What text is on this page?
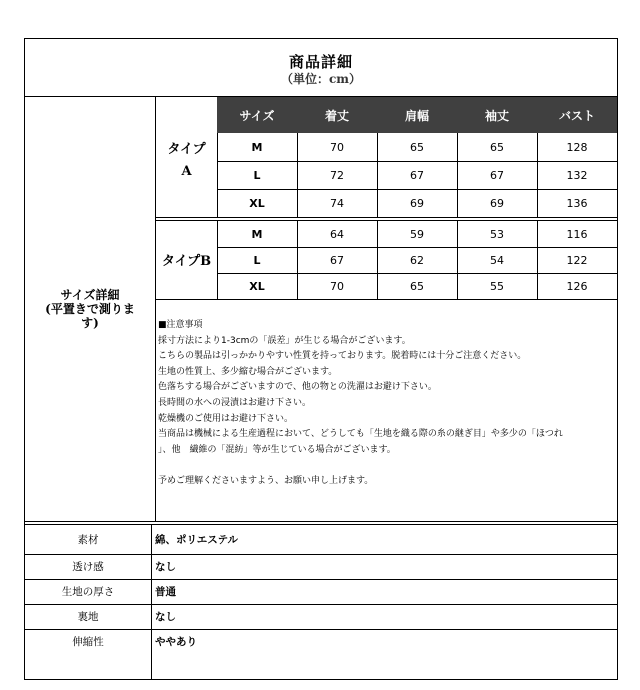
商品詳細
（単位：cm）
サイズ詳細
(平置きで測りま
す)
サイズ	着丈	肩幅	袖丈	バスト
タイプ
A
M	70	65	65	128
L	72	67	67	132
XL	74	69	69	136
タイプB
M	64	59	53	116
L	67	62	54	122
XL	70	65	55	126
■注意事項
採寸方法により1-3cmの「誤差」が生じる場合がございます。
こちらの製品は引っかかりやすい性質を持っております。脱着時には十分ご注意ください。
生地の性質上、多少縮む場合がございます。
色落ちする場合がございますので、他の物との洗濯はお避け下さい。
長時間の水への浸漬はお避け下さい。
乾燥機のご使用はお避け下さい。
当商品は機械による生産過程において、どうしても「生地を織る際の糸の継ぎ目」や多少の「ほつれ
」、他　繊維の「混紡」等が生じている場合がございます。

予めご理解くださいますよう、お願い申し上げます。
素材	綿、ポリエステル
透け感	なし
生地の厚さ	普通
裏地	なし
伸縮性	ややあり
